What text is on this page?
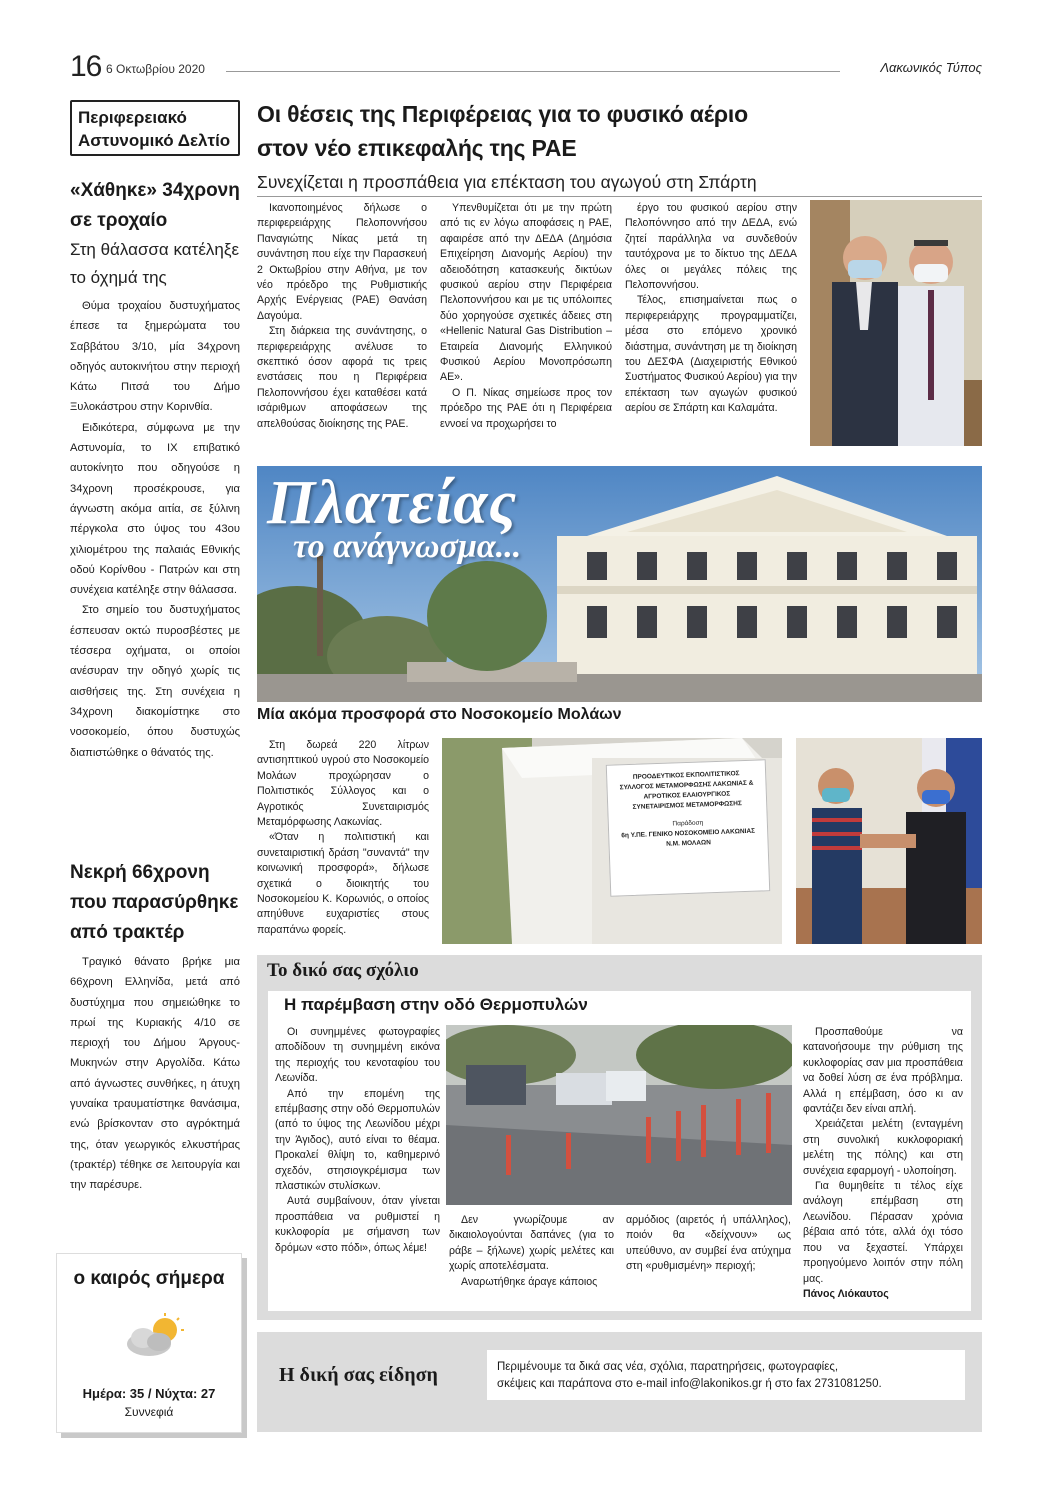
16 6 Οκτωβρίου 2020	Λακωνικός Τύπος
Περιφερειακό
Αστυνομικό Δελτίο
«Χάθηκε» 34χρονη
σε τροχαίο
Στη θάλασσα κατέληξε
το όχημά της

Θύμα τροχαίου δυστυχήματος έπεσε τα ξημερώματα του Σαββάτου 3/10, μία 34χρονη οδηγός αυτοκινήτου στην περιοχή Κάτω Πιτσά του Δήμο Ξυλοκάστρου στην Κορινθία.

Ειδικότερα, σύμφωνα με την Αστυνομία, το ΙΧ επιβατικό αυτοκίνητο που οδηγούσε η 34χρονη προσέκρουσε, για άγνωστη ακόμα αιτία, σε ξύλινη πέργκολα στο ύψος του 43ου χιλιομέτρου της παλαιάς Εθνικής οδού Κορίνθου - Πατρών και στη συνέχεια κατέληξε στην θάλασσα.

Στο σημείο του δυστυχήματος έσπευσαν οκτώ πυροσβέστες με τέσσερα οχήματα, οι οποίοι ανέσυραν την οδηγό χωρίς τις αισθήσεις της. Στη συνέχεια η 34χρονη διακομίστηκε στο νοσοκομείο, όπου δυστυχώς διαπιστώθηκε ο θάνατός της.

Νεκρή 66χρονη
που παρασύρθηκε
από τρακτέρ

Τραγικό θάνατο βρήκε μια 66χρονη Ελληνίδα, μετά από δυστύχημα που σημειώθηκε το πρωί της Κυριακής 4/10 σε περιοχή του Δήμου Άργους-Μυκηνών στην Αργολίδα. Κάτω από άγνωστες συνθήκες, η άτυχη γυναίκα τραυματίστηκε θανάσιμα, ενώ βρίσκονταν στο αγρόκτημά της, όταν γεωργικός ελκυστήρας (τρακτέρ) τέθηκε σε λειτουργία και την παρέσυρε.

ο καιρός σήμερα
Ημέρα: 35 / Νύχτα: 27
Συννεφιά
Οι θέσεις της Περιφέρειας για το φυσικό αέριο
στον νέο επικεφαλής της ΡΑΕ
Συνεχίζεται η προσπάθεια για επέκταση του αγωγού στη Σπάρτη

Ικανοποιημένος δήλωσε ο περιφερειάρχης Πελοποννήσου Παναγιώτης Νίκας μετά τη συνάντηση που είχε την Παρασκευή 2 Οκτωβρίου στην Αθήνα, με τον νέο πρόεδρο της Ρυθμιστικής Αρχής Ενέργειας (ΡΑΕ) Θανάση Δαγούμα.

Στη διάρκεια της συνάντησης, ο περιφερειάρχης ανέλυσε το σκεπτικό όσον αφορά τις τρεις ενστάσεις που η Περιφέρεια Πελοποννήσου έχει καταθέσει κατά ισάριθμων αποφάσεων της απελθούσας διοίκησης της ΡΑΕ.

Υπενθυμίζεται ότι με την πρώτη από τις εν λόγω αποφάσεις η ΡΑΕ, αφαιρέσε από την ΔΕΔΑ (Δημόσια Επιχείρηση Διανομής Αερίου) την αδειοδότηση κατασκευής δικτύων φυσικού αερίου στην Περιφέρεια Πελοποννήσου και με τις υπόλοιπες δύο χορηγούσε σχετικές άδειες στη «Hellenic Natural Gas Distribution – Εταιρεία Διανομής Ελληνικού Φυσικού Αερίου Μονοπρόσωπη ΑΕ».

Ο Π. Νίκας σημείωσε προς τον πρόεδρο της ΡΑΕ ότι η Περιφέρεια εννοεί να προχωρήσει το

έργο του φυσικού αερίου στην Πελοπόννησο από την ΔΕΔΑ, ενώ ζητεί παράλληλα να συνδεθούν ταυτόχρονα με το δίκτυο της ΔΕΔΑ όλες οι μεγάλες πόλεις της Πελοποννήσου.

Τέλος, επισημαίνεται πως ο περιφερειάρχης προγραμματίζει, μέσα στο επόμενο χρονικό διάστημα, συνάντηση με τη διοίκηση του ΔΕΣΦΑ (Διαχειριστής Εθνικού Συστήματος Φυσικού Αερίου) για την επέκταση των αγωγών φυσικού αερίου σε Σπάρτη και Καλαμάτα.

Πλατείας
το ανάγνωσμα...
Μία ακόμα προσφορά στο Νοσοκομείο Μολάων

Στη δωρεά 220 λίτρων αντισηπτικού υγρού στο Νοσοκομείο Μολάων προχώρησαν ο Πολιτιστικός Σύλλογος και ο Αγροτικός Συνεταιρισμός Μεταμόρφωσης Λακωνίας.

«Όταν η πολιτιστική και συνεταιριστική δράση "συναντά" την κοινωνική προσφορά», δήλωσε σχετικά ο διοικητής του Νοσοκομείου Κ. Κορωνιός, ο οποίος απηύθυνε ευχαριστίες στους παραπάνω φορείς.

ΠΡΟΟΔΕΥΤΙΚΟΣ ΕΚΠΟΛΙΤΙΣΤΙΚΟΣ
ΣΥΛΛΟΓΟΣ ΜΕΤΑΜΟΡΦΩΣΗΣ ΛΑΚΩΝΙΑΣ &
ΑΓΡΟΤΙΚΟΣ ΕΛΑΙΟΥΡΓΙΚΟΣ
ΣΥΝΕΤΑΙΡΙΣΜΟΣ ΜΕΤΑΜΟΡΦΩΣΗΣ
Παράδοση
6η Υ.ΠΕ. ΓΕΝΙΚΟ ΝΟΣΟΚΟΜΕΙΟ ΛΑΚΩΝΙΑΣ
Ν.Μ. ΜΟΛΑΩΝ
Το δικό σας σχόλιο
Η παρέμβαση στην οδό Θερμοπυλών

Οι συνημμένες φωτογραφίες αποδίδουν τη συνημμένη εικόνα της περιοχής του κενοταφίου του Λεωνίδα.

Από την επομένη της επέμβασης στην οδό Θερμοπυλών (από το ύψος της Λεωνίδου μέχρι την Άγιδος), αυτό είναι το θέαμα. Προκαλεί θλίψη το, καθημερινό σχεδόν, στησιογκρέμισμα των πλαστικών στυλίσκων.

Αυτά συμβαίνουν, όταν γίνεται προσπάθεια να ρυθμιστεί η κυκλοφορία με σήμανση των δρόμων «στο πόδι», όπως λέμε!

Δεν γνωρίζουμε αν δικαιολογούνται δαπάνες (για το ράβε – ξήλωνε) χωρίς μελέτες και χωρίς αποτελέσματα.

Αναρωτήθηκε άραγε κάποιος

αρμόδιος (αιρετός ή υπάλληλος), ποιόν θα «δείχνουν» ως υπεύθυνο, αν συμβεί ένα ατύχημα στη «ρυθμισμένη» περιοχή;

Προσπαθούμε να κατανοήσουμε την ρύθμιση της κυκλοφορίας σαν μια προσπάθεια να δοθεί λύση σε ένα πρόβλημα. Αλλά η επέμβαση, όσο κι αν φαντάζει δεν είναι απλή.

Χρειάζεται μελέτη (ενταγμένη στη συνολική κυκλοφοριακή μελέτη της πόλης) και στη συνέχεια εφαρμογή - υλοποίηση.

Για θυμηθείτε τι τέλος είχε ανάλογη επέμβαση στη Λεωνίδου. Πέρασαν χρόνια βέβαια από τότε, αλλά όχι τόσο που να ξεχαστεί. Υπάρχει προηγούμενο λοιπόν στην πόλη μας.

Πάνος Λιόκαυτος
Η δική σας είδηση	Περιμένουμε τα δικά σας νέα, σχόλια, παρατηρήσεις, φωτογραφίες,
σκέψεις και παράπονα στο e-mail info@lakonikos.gr ή στο fax 2731081250.
